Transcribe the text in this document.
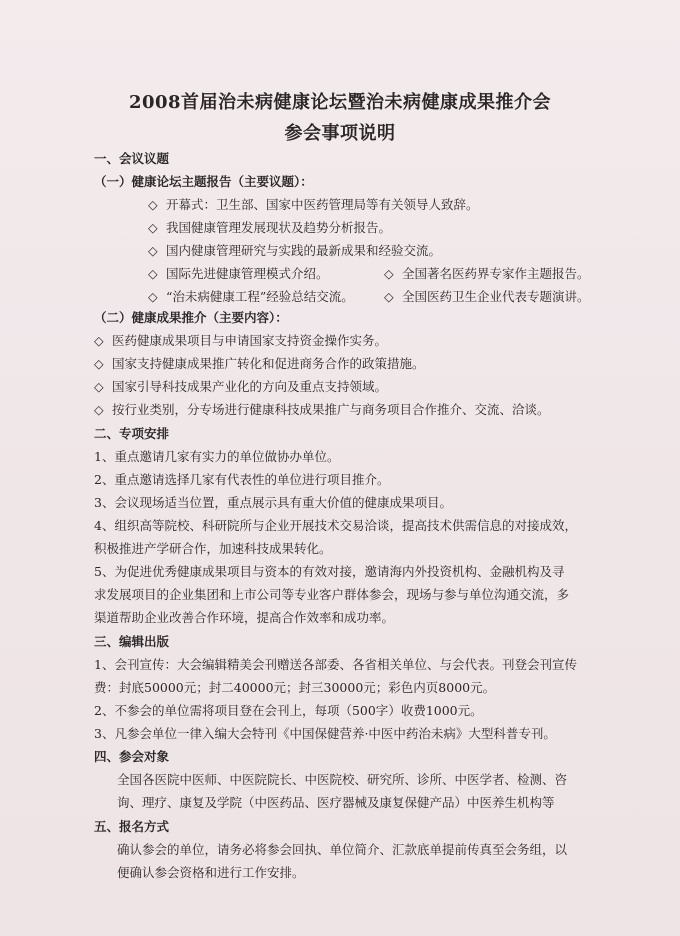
2008首届治未病健康论坛暨治未病健康成果推介会
参会事项说明
一、会议议题
（一）健康论坛主题报告（主要议题）：
◇ 开幕式：卫生部、国家中医药管理局等有关领导人致辞。
◇ 我国健康管理发展现状及趋势分析报告。
◇ 国内健康管理研究与实践的最新成果和经验交流。
◇ 国际先进健康管理模式介绍。	◇ 全国著名医药界专家作主题报告。
◇ “治未病健康工程”经验总结交流。 ◇ 全国医药卫生企业代表专题演讲。
（二）健康成果推介（主要内容）：
◇ 医药健康成果项目与申请国家支持资金操作实务。
◇ 国家支持健康成果推广转化和促进商务合作的政策措施。
◇ 国家引导科技成果产业化的方向及重点支持领域。
◇ 按行业类别，分专场进行健康科技成果推广与商务项目合作推介、交流、洽谈。
二、专项安排
1、重点邀请几家有实力的单位做协办单位。
2、重点邀请选择几家有代表性的单位进行项目推介。
3、会议现场适当位置，重点展示具有重大价值的健康成果项目。
4、组织高等院校、科研院所与企业开展技术交易洽谈，提高技术供需信息的对接成效，
积极推进产学研合作，加速科技成果转化。
5、为促进优秀健康成果项目与资本的有效对接，邀请海内外投资机构、金融机构及寻
求发展项目的企业集团和上市公司等专业客户群体参会，现场与参与单位沟通交流，多
渠道帮助企业改善合作环境，提高合作效率和成功率。
三、编辑出版
1、会刊宣传：大会编辑精美会刊赠送各部委、各省相关单位、与会代表。刊登会刊宣传
费：封底50000元；封二40000元；封三30000元；彩色内页8000元。
2、不参会的单位需将项目登在会刊上，每项（500字）收费1000元。
3、凡参会单位一律入编大会特刊《中国保健营养·中医中药治未病》大型科普专刊。
四、参会对象
全国各医院中医师、中医院院长、中医院校、研究所、诊所、中医学者、检测、咨
询、理疗、康复及学院（中医药品、医疗器械及康复保健产品）中医养生机构等
五、报名方式
确认参会的单位，请务必将参会回执、单位简介、汇款底单提前传真至会务组，以
便确认参会资格和进行工作安排。
